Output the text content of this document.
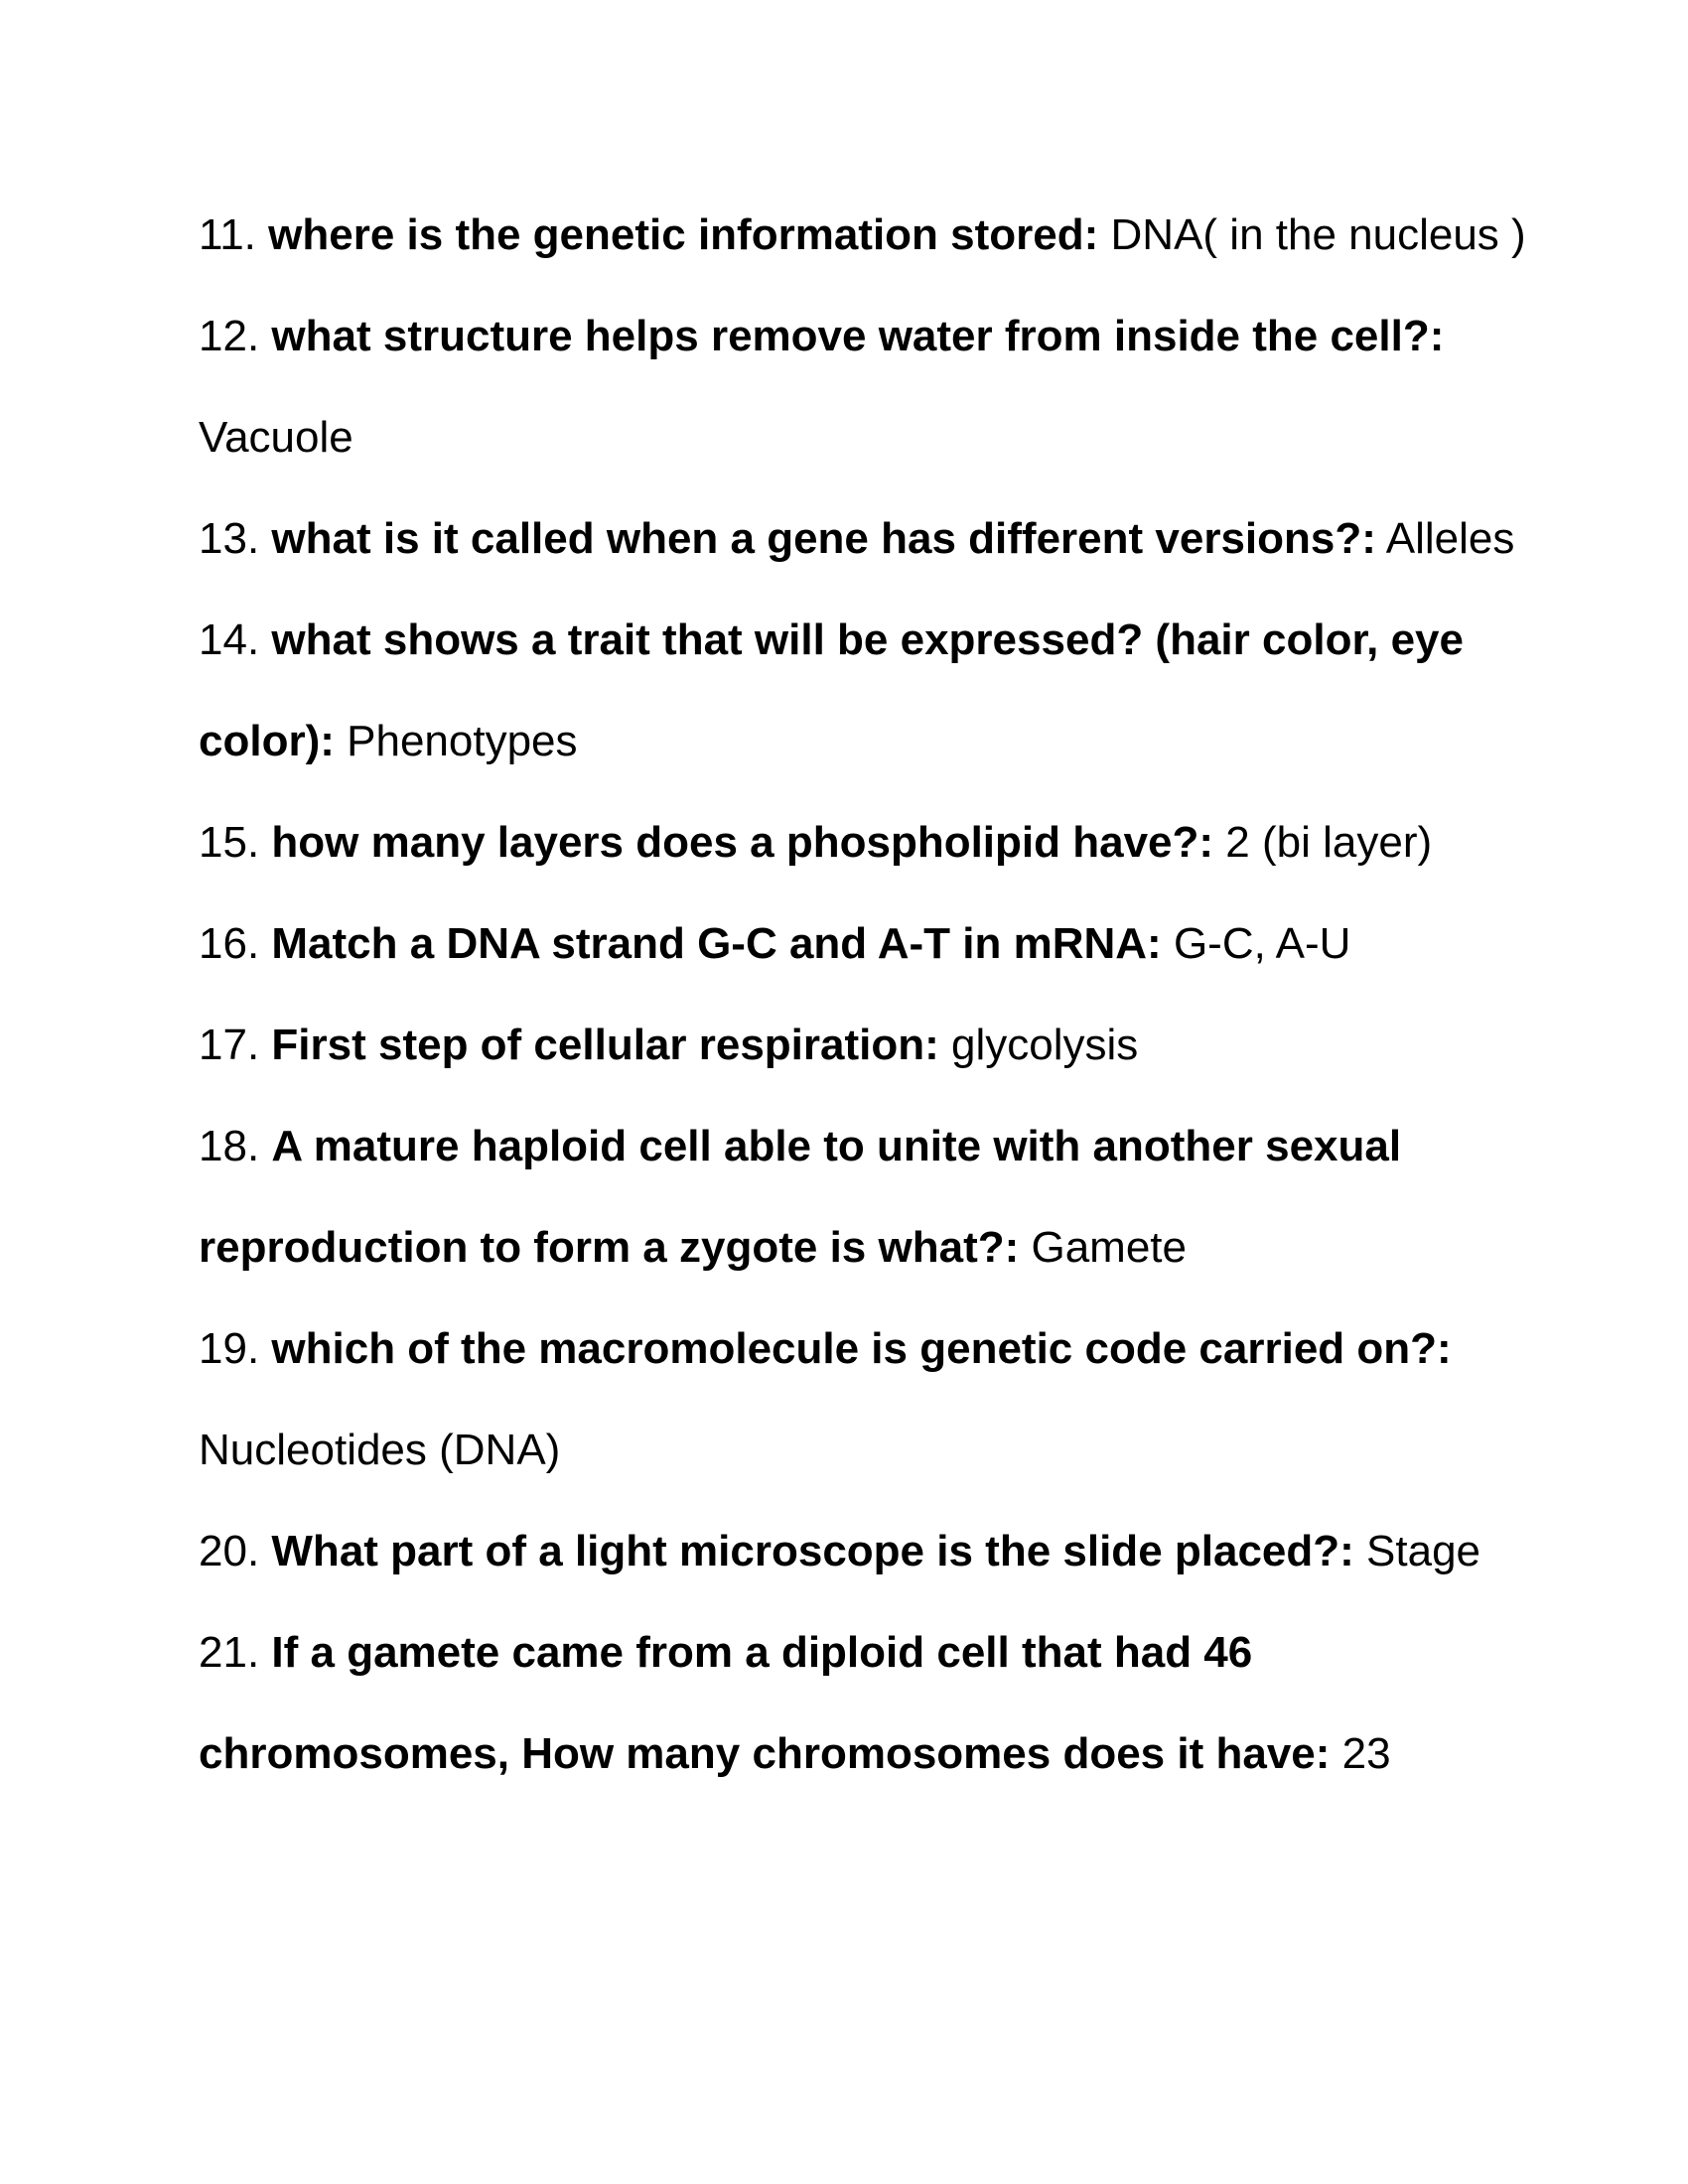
11. where is the genetic information stored: DNA( in the nucleus )
12. what structure helps remove water from inside the cell?: Vacuole
13. what is it called when a gene has different versions?: Alleles
14. what shows a trait that will be expressed? (hair color, eye color): Phenotypes
15. how many layers does a phospholipid have?: 2 (bi layer)
16. Match a DNA strand G-C and A-T in mRNA: G-C, A-U
17. First step of cellular respiration: glycolysis
18. A mature haploid cell able to unite with another sexual reproduction to form a zygote is what?: Gamete
19. which of the macromolecule is genetic code carried on?: Nucleotides (DNA)
20. What part of a light microscope is the slide placed?: Stage
21. If a gamete came from a diploid cell that had 46 chromosomes, How many chromosomes does it have: 23
